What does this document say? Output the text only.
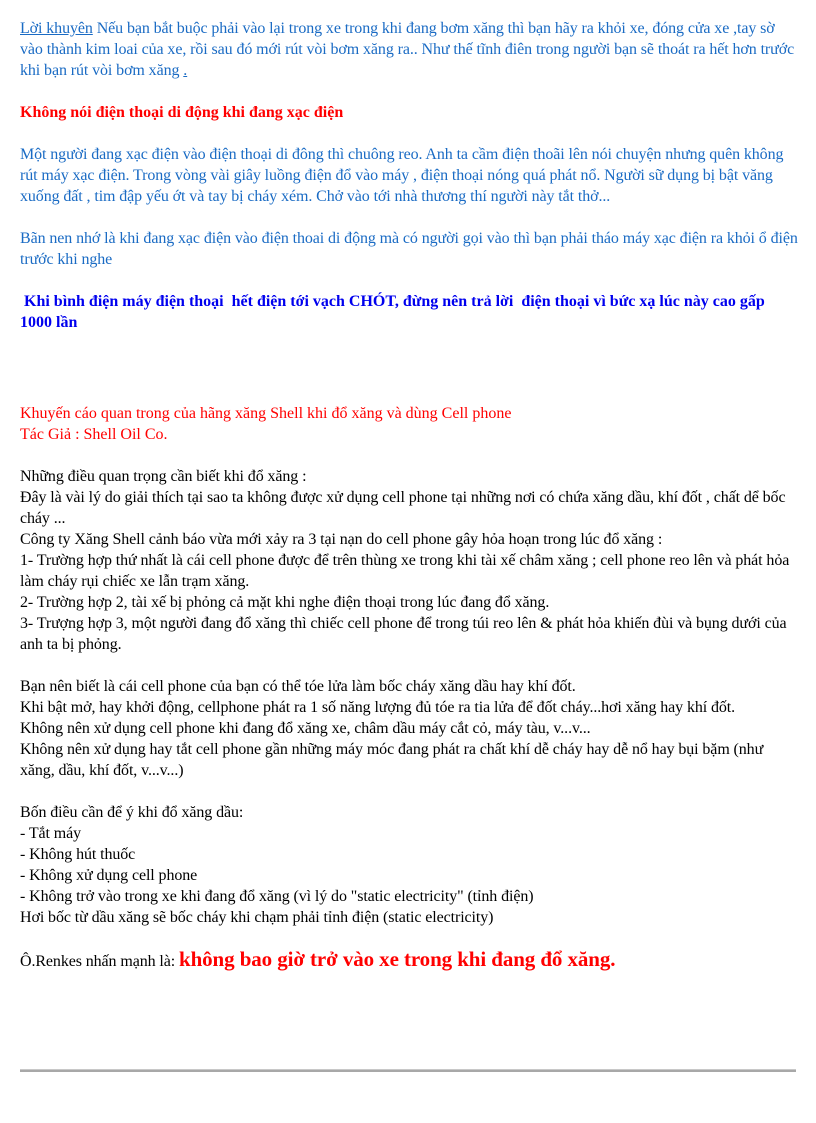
Lời khuyên Nếu bạn bắt buộc phải vào lại trong xe trong khi đang bơm xăng thì bạn hãy ra khỏi xe, đóng cửa xe ,tay sờ vào thành kim loai của xe, rồi sau đó mới rút vòi bơm xăng ra.. Như thế tĩnh điên trong người bạn sẽ thoát ra hết hơn trước khi bạn rút vòi bơm xăng .

Không nói điện thoại di động khi đang xạc điện

Một người đang xạc điện vào điện thoại di đông thì chuông reo. Anh ta cầm điện thoãi lên nói chuyện nhưng quên không rút máy xạc điện. Trong vòng vài giây luồng điện đổ vào máy , điện thoại nóng quá phát nổ. Người sữ dụng bị bật văng xuống đất , tim đập yếu ớt và tay bị cháy xém. Chở vào tới nhà thương thí người này tắt thở...

Bãn nen nhớ là khi đang xạc điện vào điện thoai di động mà có người gọi vào thì bạn phải tháo máy xạc điện ra khỏi ổ điện trước khi nghe

Khi bình điện máy điện thoại  hết điện tới vạch CHÓT, đừng nên trả lời  điện thoại vì bức xạ lúc này cao gấp 1000 lần

Khuyến cáo quan trong của hãng xăng Shell khi đổ xăng và dùng Cell phone

Tác Giả : Shell Oil Co.

Những điều quan trọng cần biết khi đổ xăng :

Đây là vài lý do giải thích tại sao ta không được xử dụng cell phone tại những nơi có chứa xăng dầu, khí đốt , chất dể bốc cháy ...

Công ty Xăng Shell cảnh báo vừa mới xảy ra 3 tại nạn do cell phone gây hỏa hoạn trong lúc đổ xăng :

1- Trường hợp thứ nhất là cái cell phone được để trên thùng xe trong khi tài xế châm xăng ; cell phone reo lên và phát hỏa làm cháy rụi chiếc xe lẫn trạm xăng.

2- Trường hợp 2, tài xế bị phỏng cả mặt khi nghe điện thoại trong lúc đang đổ xăng.

3- Trượng hợp 3, một người đang đổ xăng thì chiếc cell phone để trong túi reo lên & phát hỏa khiến đùi và bụng dưới của anh ta bị phỏng.

Bạn nên biết là cái cell phone của bạn có thể tóe lửa làm bốc cháy xăng dầu hay khí đốt.

Khi bật mở, hay khởi động, cellphone phát ra 1 số năng lượng đủ tóe ra tia lửa để đốt cháy...hơi xăng hay khí đốt.

Không nên xử dụng cell phone khi đang đổ xăng xe, châm dầu máy cắt cỏ, máy tàu, v...v...

Không nên xử dụng hay tắt cell phone gần những máy móc đang phát ra chất khí dễ cháy hay dễ nổ hay bụi bặm (như xăng, dầu, khí đốt, v...v...)

Bốn điều cần để ý khi đổ xăng dầu:

- Tắt máy

- Không hút thuốc

- Không xử dụng cell phone

- Không trở vào trong xe khi đang đổ xăng (vì lý do "static electricity" (tỉnh điện)

Hơi bốc từ dầu xăng sẽ bốc cháy khi chạm phải tỉnh điện (static electricity)

Ô.Renkes nhấn mạnh là: không bao giờ trở vào xe trong khi đang đổ xăng.
